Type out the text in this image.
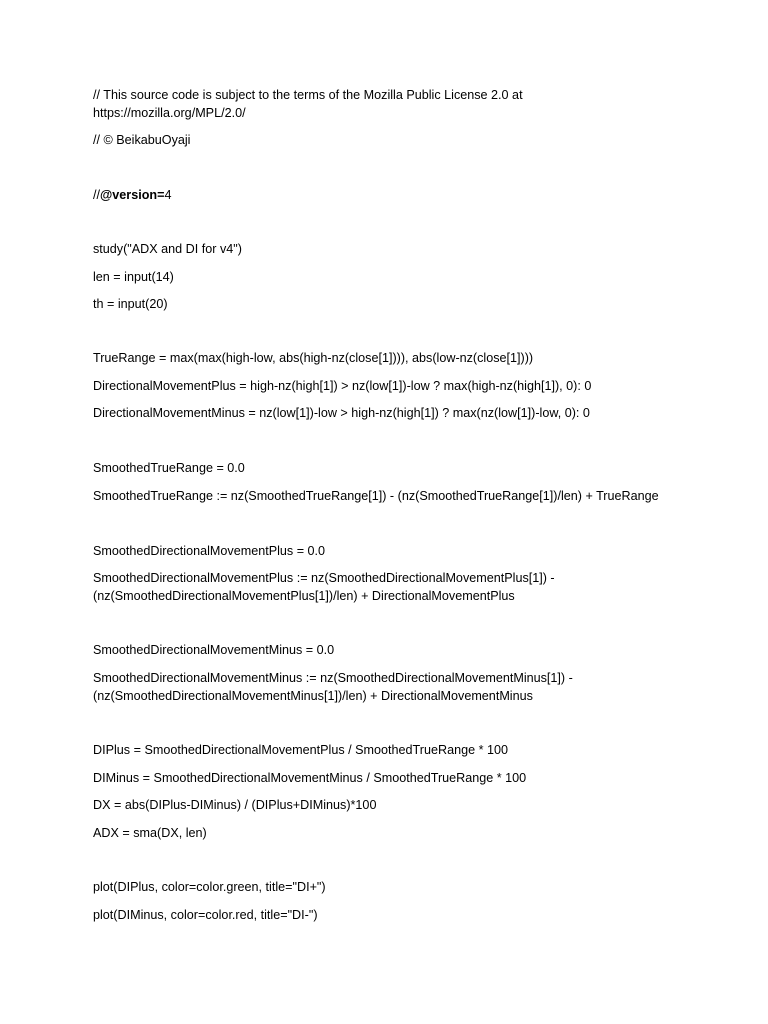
// This source code is subject to the terms of the Mozilla Public License 2.0 at
https://mozilla.org/MPL/2.0/
// © BeikabuOyaji
//@version=4
study("ADX and DI for v4")
len = input(14)
th = input(20)
TrueRange = max(max(high-low, abs(high-nz(close[1]))), abs(low-nz(close[1])))
DirectionalMovementPlus = high-nz(high[1]) > nz(low[1])-low ? max(high-nz(high[1]), 0): 0
DirectionalMovementMinus = nz(low[1])-low > high-nz(high[1]) ? max(nz(low[1])-low, 0): 0
SmoothedTrueRange = 0.0
SmoothedTrueRange := nz(SmoothedTrueRange[1]) - (nz(SmoothedTrueRange[1])/len) + TrueRange
SmoothedDirectionalMovementPlus = 0.0
SmoothedDirectionalMovementPlus := nz(SmoothedDirectionalMovementPlus[1]) -
(nz(SmoothedDirectionalMovementPlus[1])/len) + DirectionalMovementPlus
SmoothedDirectionalMovementMinus = 0.0
SmoothedDirectionalMovementMinus := nz(SmoothedDirectionalMovementMinus[1]) -
(nz(SmoothedDirectionalMovementMinus[1])/len) + DirectionalMovementMinus
DIPlus = SmoothedDirectionalMovementPlus / SmoothedTrueRange * 100
DIMinus = SmoothedDirectionalMovementMinus / SmoothedTrueRange * 100
DX = abs(DIPlus-DIMinus) / (DIPlus+DIMinus)*100
ADX = sma(DX, len)
plot(DIPlus, color=color.green, title="DI+")
plot(DIMinus, color=color.red, title="DI-")
